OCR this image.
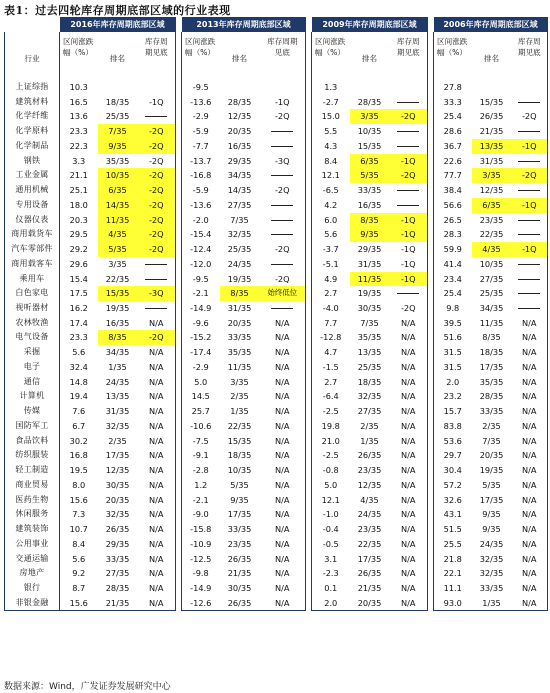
表1：过去四轮库存周期底部区域的行业表现
	2016年库存周期底部区域				2013年库存周期底部区域				2009年库存周期底部区域				2006年库存周期底部区域		
行业	区间涨跌幅（%）	排名	库存周期见底		区间涨跌幅（%）	排名	库存周期见底		区间涨跌幅（%）	排名	库存周期见底		区间涨跌幅（%）	排名	库存周期见底
上证综指	10.3				-9.5				1.3				27.8		
建筑材料	16.5	18/35	-1Q		-13.6	28/35	-1Q		-2.7	28/35			33.3	15/35	
化学纤维	13.6	25/35			-2.9	12/35	-2Q		15.0	3/35	-2Q		25.4	26/35	-2Q
化学原料	23.3	7/35	-2Q		-5.9	20/35			5.5	10/35			28.6	21/35	
化学制品	22.3	9/35	-2Q		-7.7	16/35			4.3	15/35			36.7	13/35	-1Q
钢铁	3.3	35/35	-2Q		-13.7	29/35	-3Q		8.4	6/35	-1Q		22.6	31/35	
工业金属	21.1	10/35	-2Q		-16.8	34/35			12.1	5/35	-2Q		77.7	3/35	-2Q
通用机械	25.1	6/35	-2Q		-5.9	14/35	-2Q		-6.5	33/35			38.4	12/35	
专用设备	18.0	14/35	-2Q		-13.6	27/35			4.2	16/35			56.6	6/35	-1Q
仪器仪表	20.3	11/35	-2Q		-2.0	7/35			6.0	8/35	-1Q		26.5	23/35	
商用载货车	29.5	4/35	-2Q		-15.4	32/35			5.6	9/35	-1Q		28.3	22/35	
汽车零部件	29.2	5/35	-2Q		-12.4	25/35	-2Q		-3.7	29/35	-1Q		59.9	4/35	-1Q
商用载客车	29.6	3/35			-12.0	24/35			-5.1	31/35	-1Q		41.4	10/35	
乘用车	15.4	22/35			-9.5	19/35	-2Q		4.9	11/35	-1Q		23.4	27/35	
白色家电	17.5	15/35	-3Q		-2.1	8/35	始终低位		2.7	19/35			25.4	25/35	
视听器材	16.2	19/35			-14.9	31/35			-4.0	30/35	-2Q		9.8	34/35	
农林牧渔	17.4	16/35	N/A		-9.6	20/35	N/A		7.7	7/35	N/A		39.5	11/35	N/A
电气设备	23.3	8/35	-2Q		-15.2	33/35	N/A		-12.8	35/35	N/A		51.6	8/35	N/A
采掘	5.6	34/35	N/A		-17.4	35/35	N/A		4.7	13/35	N/A		31.5	18/35	N/A
电子	32.4	1/35	N/A		-2.9	11/35	N/A		-1.5	25/35	N/A		31.5	17/35	N/A
通信	14.8	24/35	N/A		5.0	3/35	N/A		2.7	18/35	N/A		2.0	35/35	N/A
计算机	19.4	13/35	N/A		14.5	2/35	N/A		-6.4	32/35	N/A		23.2	28/35	N/A
传媒	7.6	31/35	N/A		25.7	1/35	N/A		-2.5	27/35	N/A		15.7	33/35	N/A
国防军工	6.7	32/35	N/A		-10.6	22/35	N/A		19.8	2/35	N/A		83.8	2/35	N/A
食品饮料	30.2	2/35	N/A		-7.5	15/35	N/A		21.0	1/35	N/A		53.6	7/35	N/A
纺织服装	16.8	17/35	N/A		-9.1	18/35	N/A		-2.5	26/35	N/A		29.7	20/35	N/A
轻工制造	19.5	12/35	N/A		-2.8	10/35	N/A		-0.8	23/35	N/A		30.4	19/35	N/A
商业贸易	8.0	30/35	N/A		1.2	5/35	N/A		5.0	12/35	N/A		57.2	5/35	N/A
医药生物	15.6	20/35	N/A		-2.1	9/35	N/A		12.1	4/35	N/A		32.6	17/35	N/A
休闲服务	7.3	32/35	N/A		-9.0	17/35	N/A		-1.0	24/35	N/A		43.1	9/35	N/A
建筑装饰	10.7	26/35	N/A		-15.8	33/35	N/A		-0.4	23/35	N/A		51.5	9/35	N/A
公用事业	8.4	29/35	N/A		-10.9	23/35	N/A		-0.5	22/35	N/A		25.5	24/35	N/A
交通运输	5.6	33/35	N/A		-12.5	26/35	N/A		3.1	17/35	N/A		21.8	32/35	N/A
房地产	9.2	27/35	N/A		-9.8	21/35	N/A		-2.3	26/35	N/A		22.1	32/35	N/A
银行	8.7	28/35	N/A		-14.9	30/35	N/A		0.1	21/35	N/A		11.1	33/35	N/A
非银金融	15.6	21/35	N/A		-12.6	26/35	N/A		2.0	20/35	N/A		93.0	1/35	N/A
数据来源：Wind，广发证券发展研究中心
